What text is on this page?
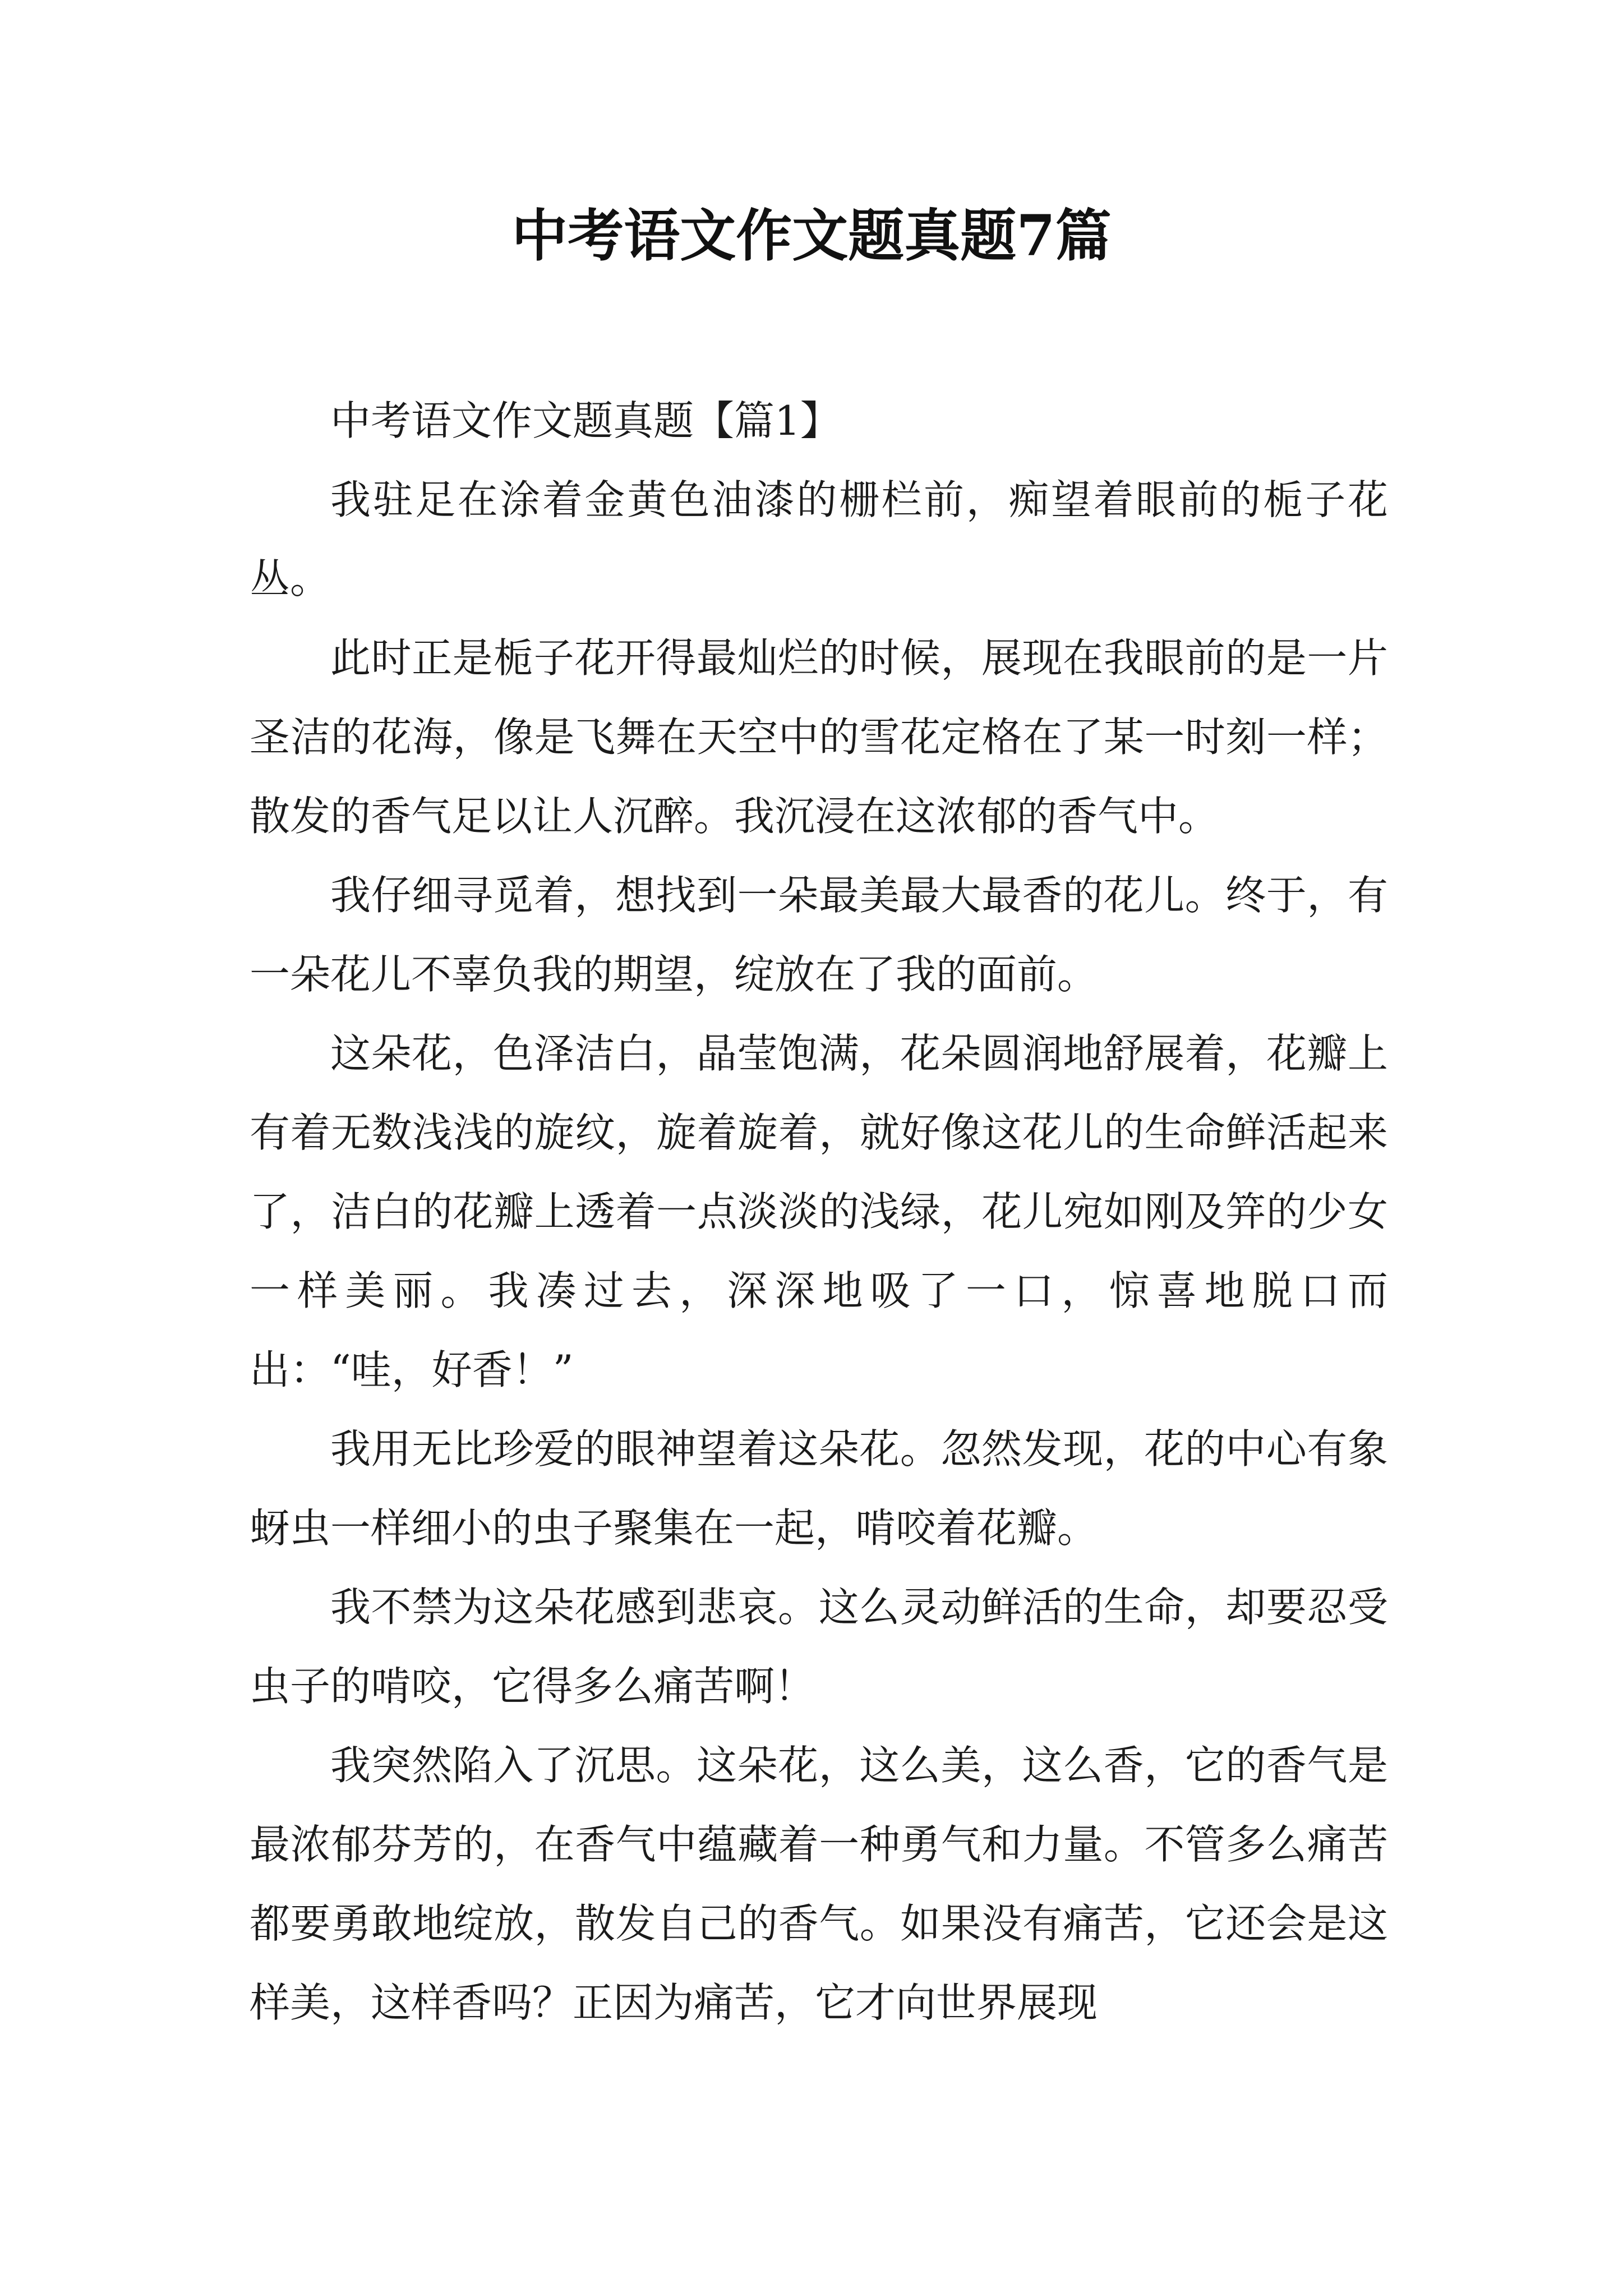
中考语文作文题真题7篇

中考语文作文题真题【篇1】

我驻足在涂着金黄色油漆的栅栏前，痴望着眼前的栀子花丛。

此时正是栀子花开得最灿烂的时候，展现在我眼前的是一片圣洁的花海，像是飞舞在天空中的雪花定格在了某一时刻一样；散发的香气足以让人沉醉。我沉浸在这浓郁的香气中。

我仔细寻觅着，想找到一朵最美最大最香的花儿。终于，有一朵花儿不辜负我的期望，绽放在了我的面前。

这朵花，色泽洁白，晶莹饱满，花朵圆润地舒展着，花瓣上有着无数浅浅的旋纹，旋着旋着，就好像这花儿的生命鲜活起来了，洁白的花瓣上透着一点淡淡的浅绿，花儿宛如刚及笄的少女一样美丽。我凑过去，深深地吸了一口，惊喜地脱口而出：“哇，好香！”

我用无比珍爱的眼神望着这朵花。忽然发现，花的中心有象蚜虫一样细小的虫子聚集在一起，啃咬着花瓣。

我不禁为这朵花感到悲哀。这么灵动鲜活的生命，却要忍受虫子的啃咬，它得多么痛苦啊！

我突然陷入了沉思。这朵花，这么美，这么香，它的香气是最浓郁芬芳的，在香气中蕴藏着一种勇气和力量。不管多么痛苦都要勇敢地绽放，散发自己的香气。如果没有痛苦，它还会是这样美，这样香吗？正因为痛苦，它才向世界展现
